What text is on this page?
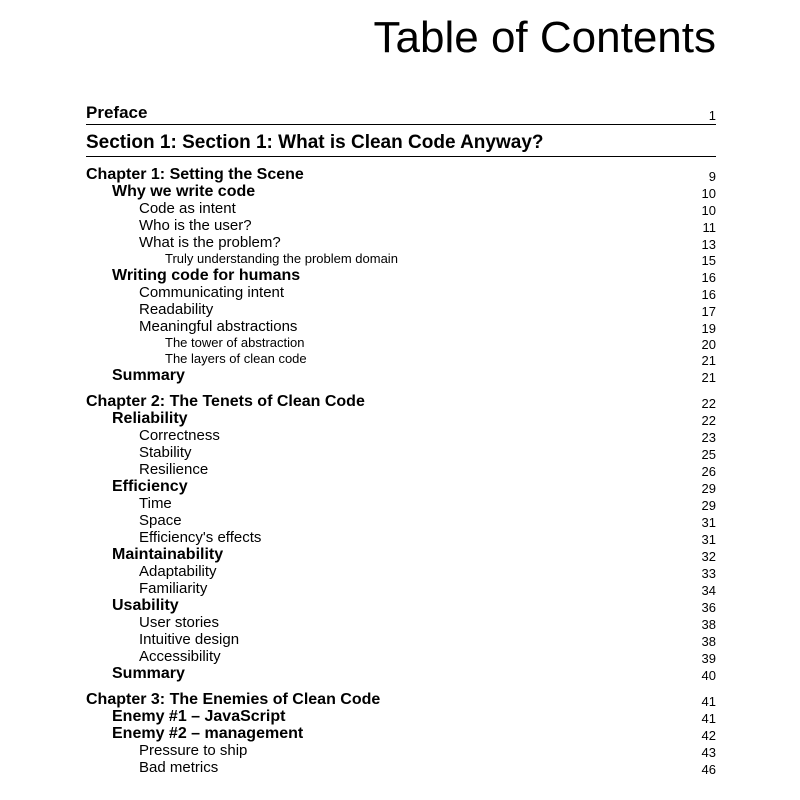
Table of Contents
Preface	1
Section 1: Section 1: What is Clean Code Anyway?
Chapter 1: Setting the Scene	9
Why we write code	10
Code as intent	10
Who is the user?	11
What is the problem?	13
Truly understanding the problem domain	15
Writing code for humans	16
Communicating intent	16
Readability	17
Meaningful abstractions	19
The tower of abstraction	20
The layers of clean code	21
Summary	21
Chapter 2: The Tenets of Clean Code	22
Reliability	22
Correctness	23
Stability	25
Resilience	26
Efficiency	29
Time	29
Space	31
Efficiency's effects	31
Maintainability	32
Adaptability	33
Familiarity	34
Usability	36
User stories	38
Intuitive design	38
Accessibility	39
Summary	40
Chapter 3: The Enemies of Clean Code	41
Enemy #1 – JavaScript	41
Enemy #2 – management	42
Pressure to ship	43
Bad metrics	46
